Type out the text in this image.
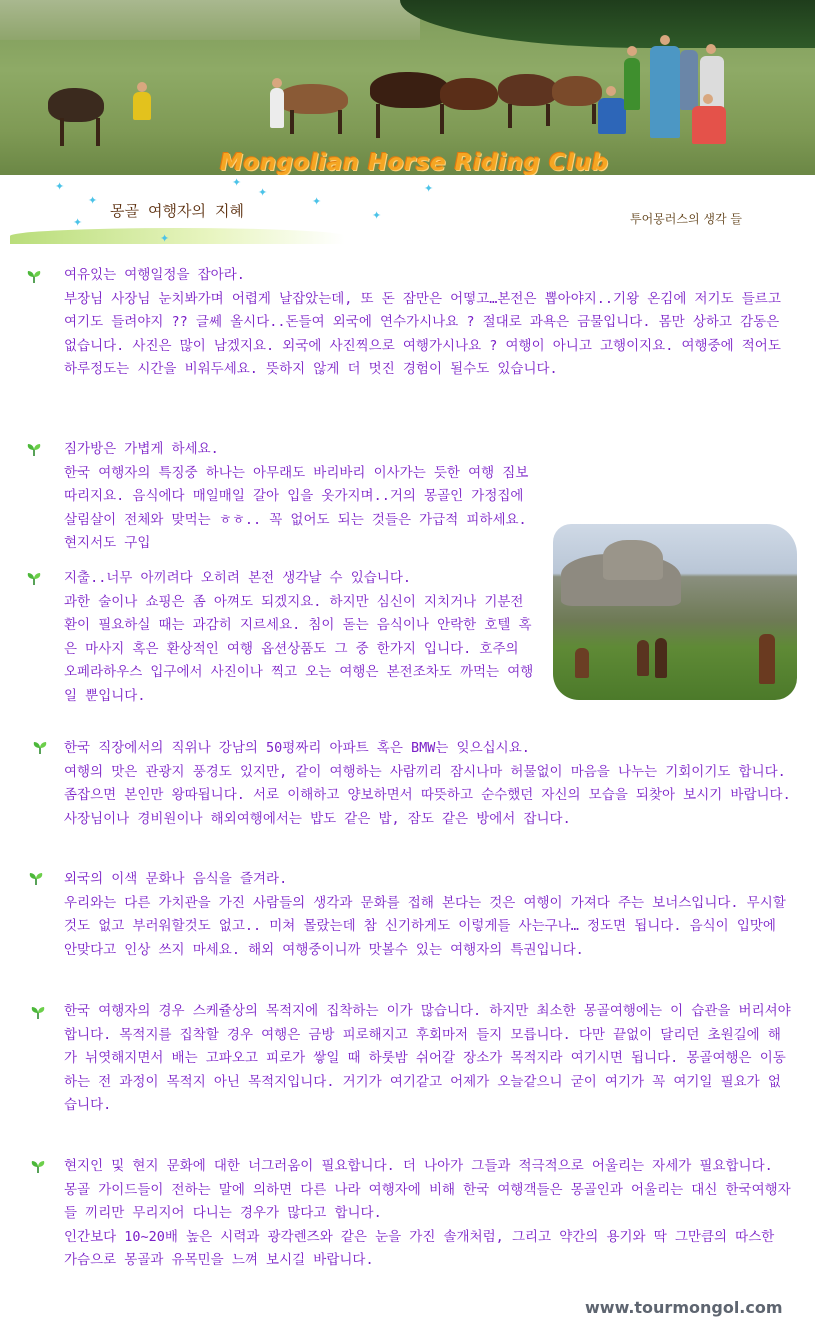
Mongolian Horse Riding Club
✦
✦
✦
✦
✦
✦
✦
✦
✦
몽골 여행자의 지혜	투어몽러스의 생각 들

여유있는 여행일정을 잡아라.

부장님 사장님 눈치봐가며 어렵게 날잡았는데, 또 돈 잠만은 어떻고…본전은 뽑아야지..기왕 온김에 저기도 들르고 여기도 들려야지 ?? 글쎄 올시다..돈들여 외국에 연수가시나요 ? 절대로 과욕은 금물입니다. 몸만 상하고 감동은 없습니다. 사진은 많이 남겠지요. 외국에 사진찍으로 여행가시나요 ? 여행이 아니고 고행이지요. 여행중에 적어도 하루정도는 시간을 비워두세요. 뜻하지 않게 더 멋진 경험이 될수도 있습니다.

짐가방은 가볍게 하세요.

한국 여행자의 특징중 하나는 아무래도 바리바리 이사가는 듯한 여행 짐보따리지요. 음식에다 매일매일 갈아 입을 옷가지며..거의 몽골인 가정집에 살림살이 전체와 맞먹는 ㅎㅎ.. 꼭 없어도 되는 것들은 가급적 피하세요. 현지서도 구입

지출..너무 아끼려다 오히려 본전 생각날 수 있습니다.

과한 술이나 쇼핑은 좀 아껴도 되겠지요. 하지만 심신이 지치거나 기분전환이 필요하실 때는 과감히 지르세요. 침이 돋는 음식이나 안락한 호텔 혹은 마사지 혹은 환상적인 여행 옵션상품도 그 중 한가지 입니다. 호주의 오페라하우스 입구에서 사진이나 찍고 오는 여행은 본전조차도 까먹는 여행일 뿐입니다.

한국 직장에서의 직위나 강남의 50평짜리 아파트 혹은 BMW는 잊으십시요.

여행의 맛은 관광지 풍경도 있지만, 같이 여행하는 사람끼리 잠시나마 허물없이 마음을 나누는 기회이기도 합니다. 좀잡으면 본인만 왕따됩니다. 서로 이해하고 양보하면서 따뜻하고 순수했던 자신의 모습을 되찾아 보시기 바랍니다. 사장님이나 경비원이나 해외여행에서는 밥도 같은 밥, 잠도 같은 방에서 잡니다.

외국의 이색 문화나 음식을 즐겨라.

우리와는 다른 가치관을 가진 사람들의 생각과 문화를 접해 본다는 것은 여행이 가져다 주는 보너스입니다. 무시할것도 없고 부러워할것도 없고.. 미쳐 몰랐는데 참 신기하게도 이렇게들 사는구나… 정도면 됩니다. 음식이 입맛에 안맞다고 인상 쓰지 마세요. 해외 여행중이니까 맛볼수 있는 여행자의 특권입니다.

한국 여행자의 경우 스케쥴상의 목적지에 집착하는 이가 많습니다. 하지만 최소한 몽골여행에는 이 습관을 버리셔야 합니다. 목적지를 집착할 경우 여행은 금방 피로해지고 후회마저 들지 모릅니다. 다만 끝없이 달리던 초원길에 해가 뉘엿해지면서 배는 고파오고 피로가 쌓일 때 하룻밤 쉬어갈 장소가 목적지라 여기시면 됩니다. 몽골여행은 이동하는 전 과정이 목적지 아닌 목적지입니다. 거기가 여기같고 어제가 오늘같으니 굳이 여기가 꼭 여기일 필요가 없습니다.

현지인 및 현지 문화에 대한 너그러움이 필요합니다. 더 나아가 그들과 적극적으로 어울리는 자세가 필요합니다. 몽골 가이드들이 전하는 말에 의하면 다른 나라 여행자에 비해 한국 여행객들은 몽골인과 어울리는 대신 한국여행자들 끼리만 무리지어 다니는 경우가 많다고 합니다.

인간보다 10~20배 높은 시력과 광각렌즈와 같은 눈을 가진 솔개처럼, 그리고 약간의 용기와 딱 그만큼의 따스한 가슴으로 몽골과 유목민을 느껴 보시길 바랍니다.

www.tourmongol.com
